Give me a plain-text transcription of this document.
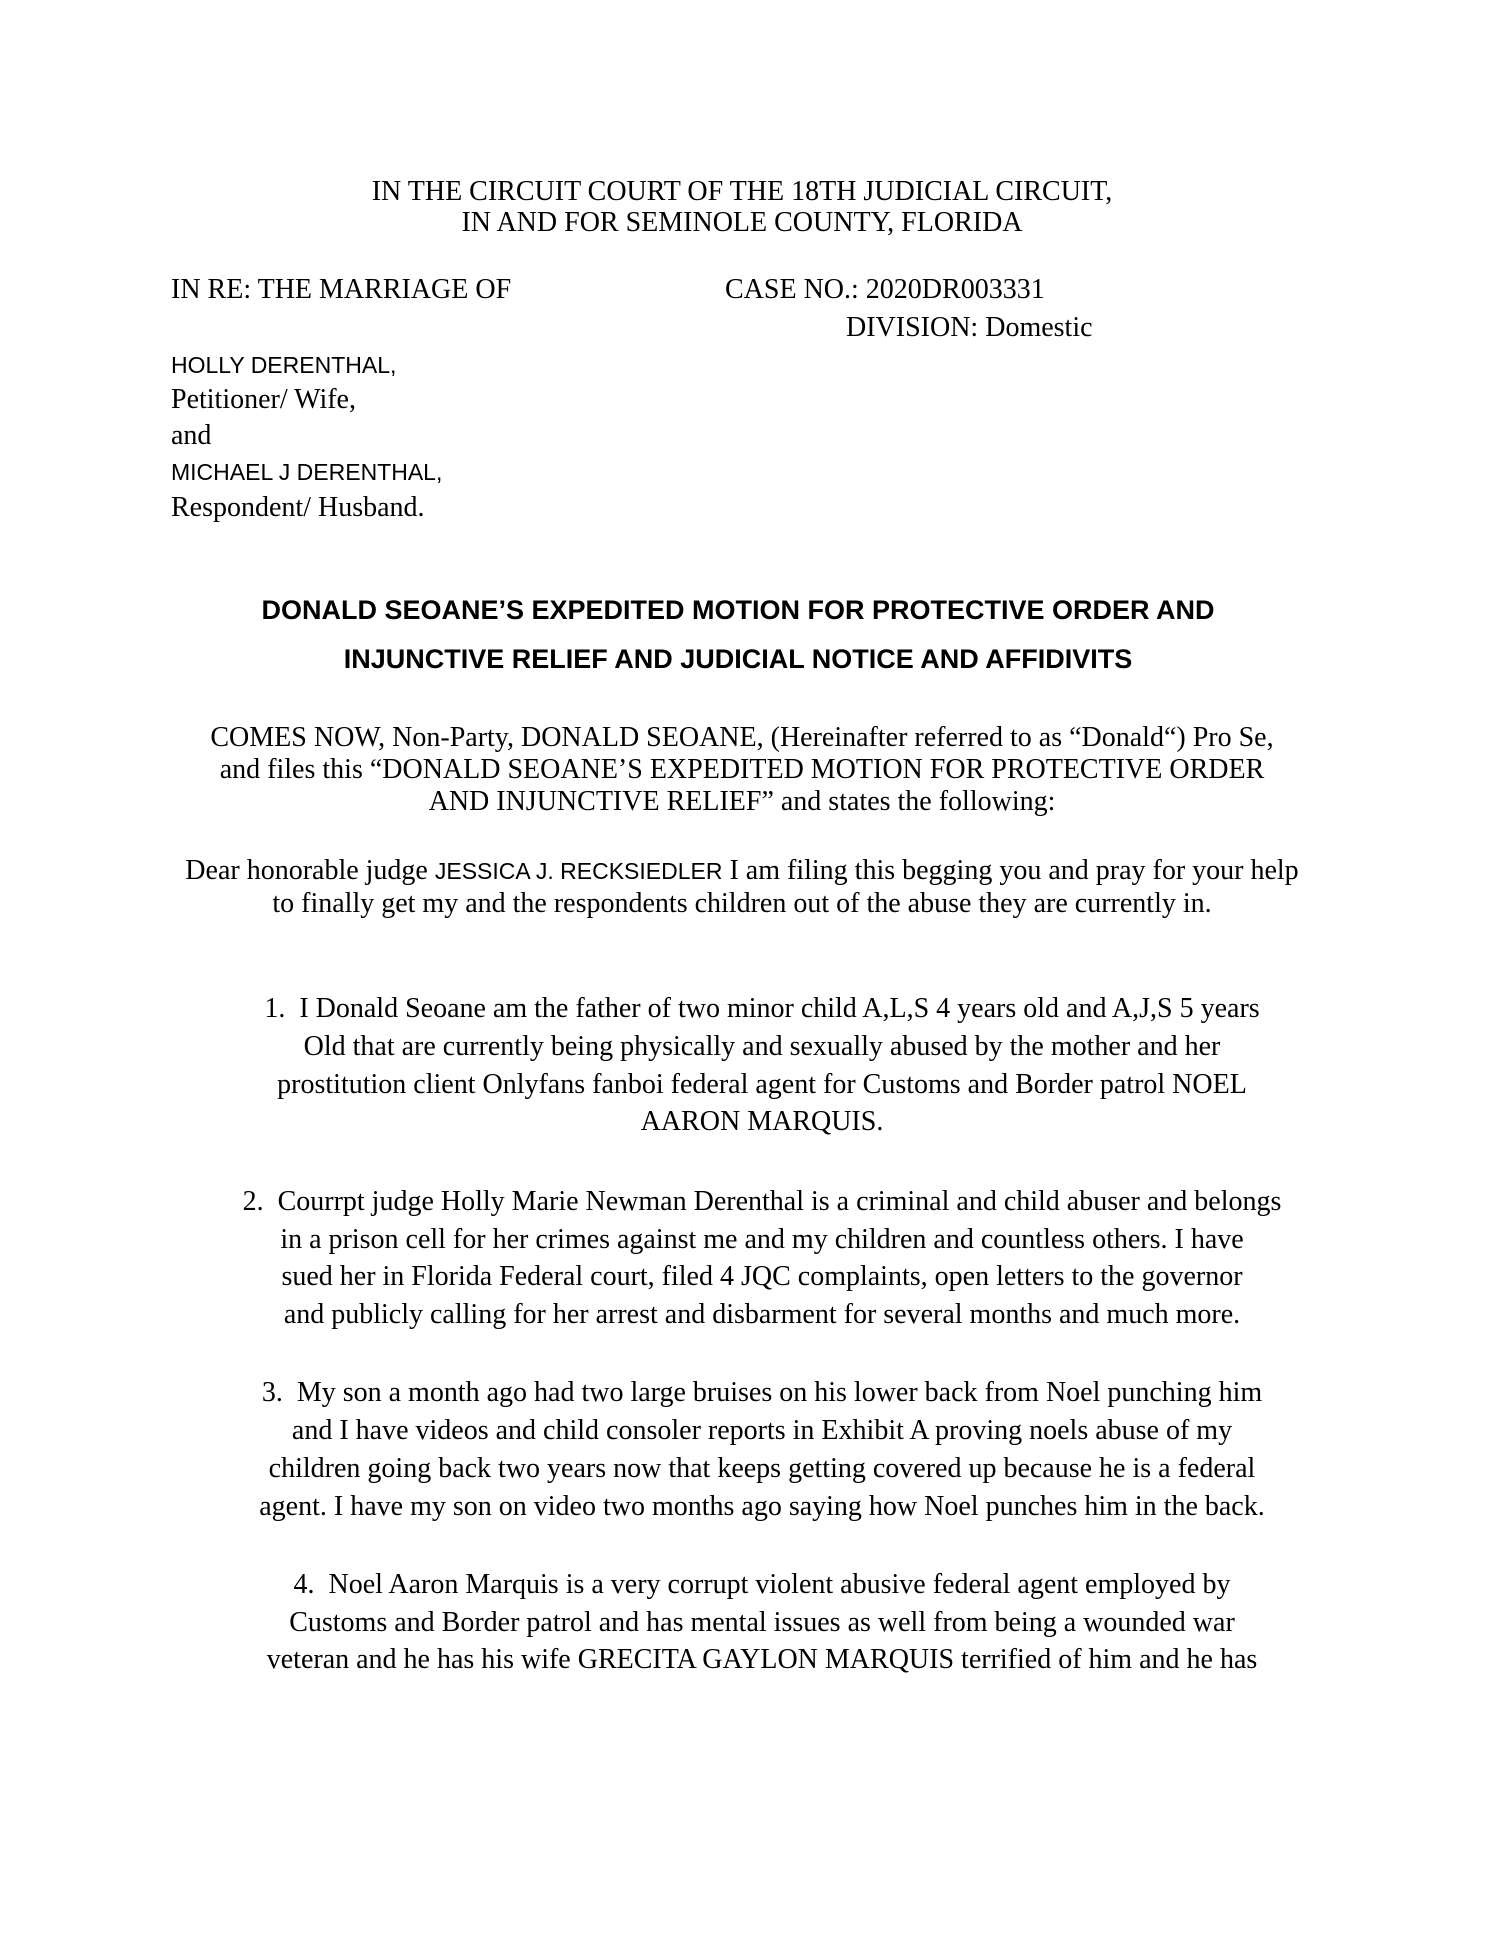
IN THE CIRCUIT COURT OF THE 18TH JUDICIAL CIRCUIT,
IN AND FOR SEMINOLE COUNTY, FLORIDA
IN RE: THE MARRIAGE OF	CASE NO.: 2020DR003331
DIVISION: Domestic
HOLLY DERENTHAL,
Petitioner/ Wife,
and
MICHAEL J DERENTHAL,
Respondent/ Husband.
DONALD SEOANE’S EXPEDITED MOTION FOR PROTECTIVE ORDER AND
INJUNCTIVE RELIEF AND JUDICIAL NOTICE AND AFFIDIVITS
COMES NOW, Non-Party, DONALD SEOANE, (Hereinafter referred to as “Donald“) Pro Se,
and files this “DONALD SEOANE’S EXPEDITED MOTION FOR PROTECTIVE ORDER
AND INJUNCTIVE RELIEF” and states the following:
Dear honorable judge JESSICA J. RECKSIEDLER I am filing this begging you and pray for your help
to finally get my and the respondents children out of the abuse they are currently in.
1. I Donald Seoane am the father of two minor child A,L,S 4 years old and A,J,S 5 years
Old that are currently being physically and sexually abused by the mother and her
prostitution client Onlyfans fanboi federal agent for Customs and Border patrol NOEL
AARON MARQUIS.
2. Courrpt judge Holly Marie Newman Derenthal is a criminal and child abuser and belongs
in a prison cell for her crimes against me and my children and countless others. I have
sued her in Florida Federal court, filed 4 JQC complaints, open letters to the governor
and publicly calling for her arrest and disbarment for several months and much more.
3. My son a month ago had two large bruises on his lower back from Noel punching him
and I have videos and child consoler reports in Exhibit A proving noels abuse of my
children going back two years now that keeps getting covered up because he is a federal
agent. I have my son on video two months ago saying how Noel punches him in the back.
4. Noel Aaron Marquis is a very corrupt violent abusive federal agent employed by
Customs and Border patrol and has mental issues as well from being a wounded war
veteran and he has his wife GRECITA GAYLON MARQUIS terrified of him and he has
